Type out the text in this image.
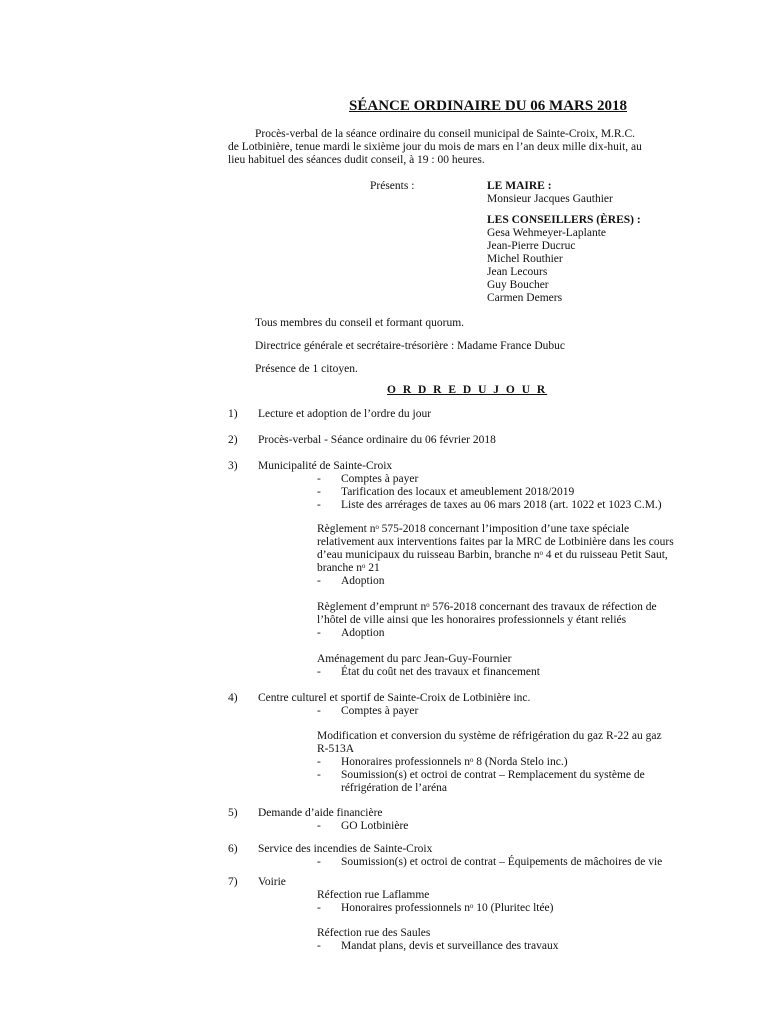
SÉANCE ORDINAIRE DU 06 MARS 2018
Procès-verbal de la séance ordinaire du conseil municipal de Sainte-Croix, M.R.C.
de Lotbinière, tenue mardi le sixième jour du mois de mars en l’an deux mille dix-huit, au
lieu habituel des séances dudit conseil, à 19 : 00 heures.
Présents :	LE MAIRE :
Monsieur Jacques Gauthier
LES CONSEILLERS (ÈRES) :
Gesa Wehmeyer-Laplante
Jean-Pierre Ducruc
Michel Routhier
Jean Lecours
Guy Boucher
Carmen Demers
Tous membres du conseil et formant quorum.
Directrice générale et secrétaire-trésorière : Madame France Dubuc
Présence de 1 citoyen.
O R D R E D U J O U R
1) Lecture et adoption de l’ordre du jour
2) Procès-verbal - Séance ordinaire du 06 février 2018
3) Municipalité de Sainte-Croix
- Comptes à payer
- Tarification des locaux et ameublement 2018/2019
- Liste des arrérages de taxes au 06 mars 2018 (art. 1022 et 1023 C.M.)
Règlement nᵒ 575-2018 concernant l’imposition d’une taxe spéciale
relativement aux interventions faites par la MRC de Lotbinière dans les cours
d’eau municipaux du ruisseau Barbin, branche nᵒ 4 et du ruisseau Petit Saut,
branche nᵒ 21
- Adoption
Règlement d’emprunt nᵒ 576-2018 concernant des travaux de réfection de
l’hôtel de ville ainsi que les honoraires professionnels y étant reliés
- Adoption
Aménagement du parc Jean-Guy-Fournier
- État du coût net des travaux et financement
4) Centre culturel et sportif de Sainte-Croix de Lotbinière inc.
- Comptes à payer
Modification et conversion du système de réfrigération du gaz R-22 au gaz
R-513A
- Honoraires professionnels nᵒ 8 (Norda Stelo inc.)
- Soumission(s) et octroi de contrat – Remplacement du système de
réfrigération de l’aréna
5) Demande d’aide financière
- GO Lotbinière
6) Service des incendies de Sainte-Croix
- Soumission(s) et octroi de contrat – Équipements de mâchoires de vie
7) Voirie
Réfection rue Laflamme
- Honoraires professionnels nᵒ 10 (Pluritec ltée)
Réfection rue des Saules
- Mandat plans, devis et surveillance des travaux
